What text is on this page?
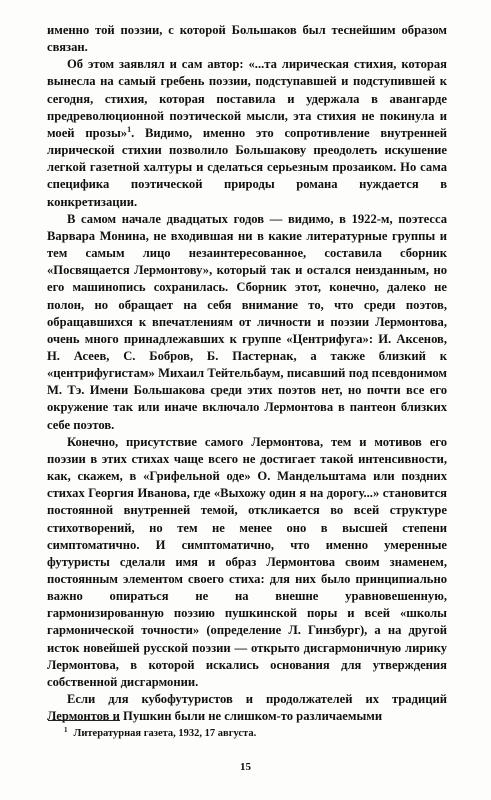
именно той поэзии, с которой Большаков был теснейшим образом связан.

Об этом заявлял и сам автор: «...та лирическая стихия, которая вынесла на самый гребень поэзии, подступавшей и подступившей к сегодня, стихия, которая поставила и удержала в авангарде предреволюционной поэтической мысли, эта стихия не покинула и моей прозы»$^1$. Видимо, именно это сопротивление внутренней лирической стихии позволило Большакову преодолеть искушение легкой газетной халтуры и сделаться серьезным прозаиком. Но сама специфика поэтической природы романа нуждается в конкретизации.

В самом начале двадцатых годов — видимо, в 1922-м, поэтесса Варвара Монина, не входившая ни в какие литературные группы и тем самым лицо незаинтересованное, составила сборник «Посвящается Лермонтову», который так и остался неизданным, но его машинопись сохранилась. Сборник этот, конечно, далеко не полон, но обращает на себя внимание то, что среди поэтов, обращавшихся к впечатлениям от личности и поэзии Лермонтова, очень много принадлежавших к группе «Центрифуга»: И. Аксенов, Н. Асеев, С. Бобров, Б. Пастернак, а также близкий к «центрифугистам» Михаил Тейтельбаум, писавший под псевдонимом М. Тэ. Имени Большакова среди этих поэтов нет, но почти все его окружение так или иначе включало Лермонтова в пантеон близких себе поэтов.

Конечно, присутствие самого Лермонтова, тем и мотивов его поэзии в этих стихах чаще всего не достигает такой интенсивности, как, скажем, в «Грифельной оде» О. Мандельштама или поздних стихах Георгия Иванова, где «Выхожу один я на дорогу...» становится постоянной внутренней темой, откликается во всей структуре стихотворений, но тем не менее оно в высшей степени симптоматично. И симптоматично, что именно умеренные футуристы сделали имя и образ Лермонтова своим знаменем, постоянным элементом своего стиха: для них было принципиально важно опираться не на внешне уравновешенную, гармонизированную поэзию пушкинской поры и всей «школы гармонической точности» (определение Л. Гинзбург), а на другой исток новейшей русской поэзии — открыто дисгармоничную лирику Лермонтова, в которой искались основания для утверждения собственной дисгармонии.

Если для кубофутуристов и продолжателей их традиций Лермонтов и Пушкин были не слишком-то различаемыми

$^1$ Литературная газета, 1932, 17 августа.
15
